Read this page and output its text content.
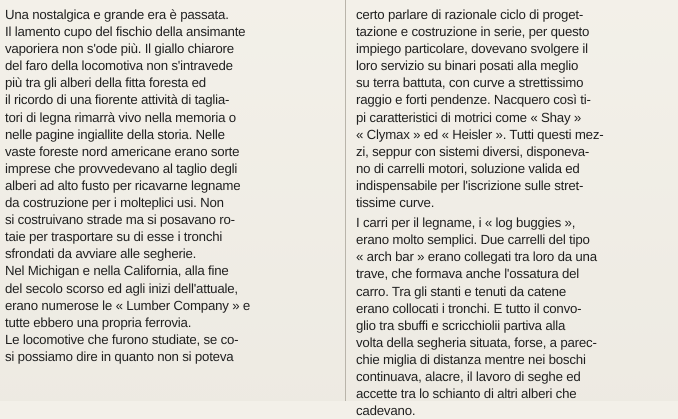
Una nostalgica e grande era è passata.
Il lamento cupo del fischio della ansimante
vaporiera non s'ode più. Il giallo chiarore
del faro della locomotiva non s'intravede
più tra gli alberi della fitta foresta ed
il ricordo di una fiorente attività di taglia-
tori di legna rimarrà vivo nella memoria o
nelle pagine ingiallite della storia. Nelle
vaste foreste nord americane erano sorte
imprese che provvedevano al taglio degli
alberi ad alto fusto per ricavarne legname
da costruzione per i molteplici usi. Non
si costruivano strade ma si posavano ro-
taie per trasportare su di esse i tronchi
sfrondati da avviare alle segherie.
Nel Michigan e nella California, alla fine
del secolo scorso ed agli inizi dell'attuale,
erano numerose le « Lumber Company » e
tutte ebbero una propria ferrovia.
Le locomotive che furono studiate, se co-
si possiamo dire in quanto non si poteva
certo parlare di razionale ciclo di proget-
tazione e costruzione in serie, per questo
impiego particolare, dovevano svolgere il
loro servizio su binari posati alla meglio
su terra battuta, con curve a strettissimo
raggio e forti pendenze. Nacquero così ti-
pi caratteristici di motrici come « Shay »
« Clymax » ed « Heisler ». Tutti questi mez-
zi, seppur con sistemi diversi, disponeva-
no di carrelli motori, soluzione valida ed
indispensabile per l'iscrizione sulle stret-
tissime curve.
I carri per il legname, i « log buggies »,
erano molto semplici. Due carrelli del tipo
« arch bar » erano collegati tra loro da una
trave, che formava anche l'ossatura del
carro. Tra gli stanti e tenuti da catene
erano collocati i tronchi. E tutto il convo-
glio tra sbuffi e scricchiolii partiva alla
volta della segheria situata, forse, a parec-
chie miglia di distanza mentre nei boschi
continuava, alacre, il lavoro di seghe ed
accette tra lo schianto di altri alberi che
cadevano.
